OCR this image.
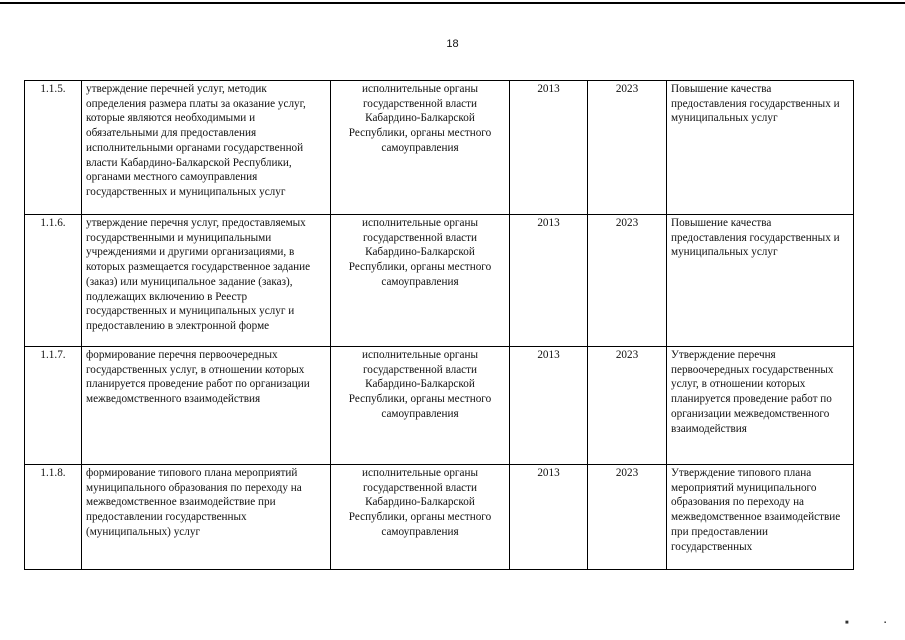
18
1.1.5.	утверждение перечней услуг, методик определения размера платы за оказание услуг, которые являются необходимыми и обязательными для предоставления исполнительными органами государственной власти Кабардино-Балкарской Республики, органами местного самоуправления государственных и муниципальных услуг	исполнительные органы государственной власти Кабардино-Балкарской Республики, органы местного самоуправления	2013	2023	Повышение качества предоставления государственных и муниципальных услуг
1.1.6.	утверждение перечня услуг, предоставляемых государственными и муниципальными учреждениями и другими организациями, в которых размещается государственное задание (заказ) или муниципальное задание (заказ), подлежащих включению в Реестр государственных и муниципальных услуг и предоставлению в электронной форме	исполнительные органы государственной власти Кабардино-Балкарской Республики, органы местного самоуправления	2013	2023	Повышение качества предоставления государственных и муниципальных услуг
1.1.7.	формирование перечня первоочередных государственных услуг, в отношении которых планируется проведение работ по организации межведомственного взаимодействия	исполнительные органы государственной власти Кабардино-Балкарской Республики, органы местного самоуправления	2013	2023	Утверждение перечня первоочередных государственных услуг, в отношении которых планируется проведение работ по организации межведомственного взаимодействия
1.1.8.	формирование типового плана мероприятий муниципального образования по переходу на межведомственное взаимодействие при предоставлении государственных (муниципальных) услуг	исполнительные органы государственной власти Кабардино-Балкарской Республики, органы местного самоуправления	2013	2023	Утверждение типового плана мероприятий муниципального образования по переходу на межведомственное взаимодействие при предоставлении государственных
■	▪
